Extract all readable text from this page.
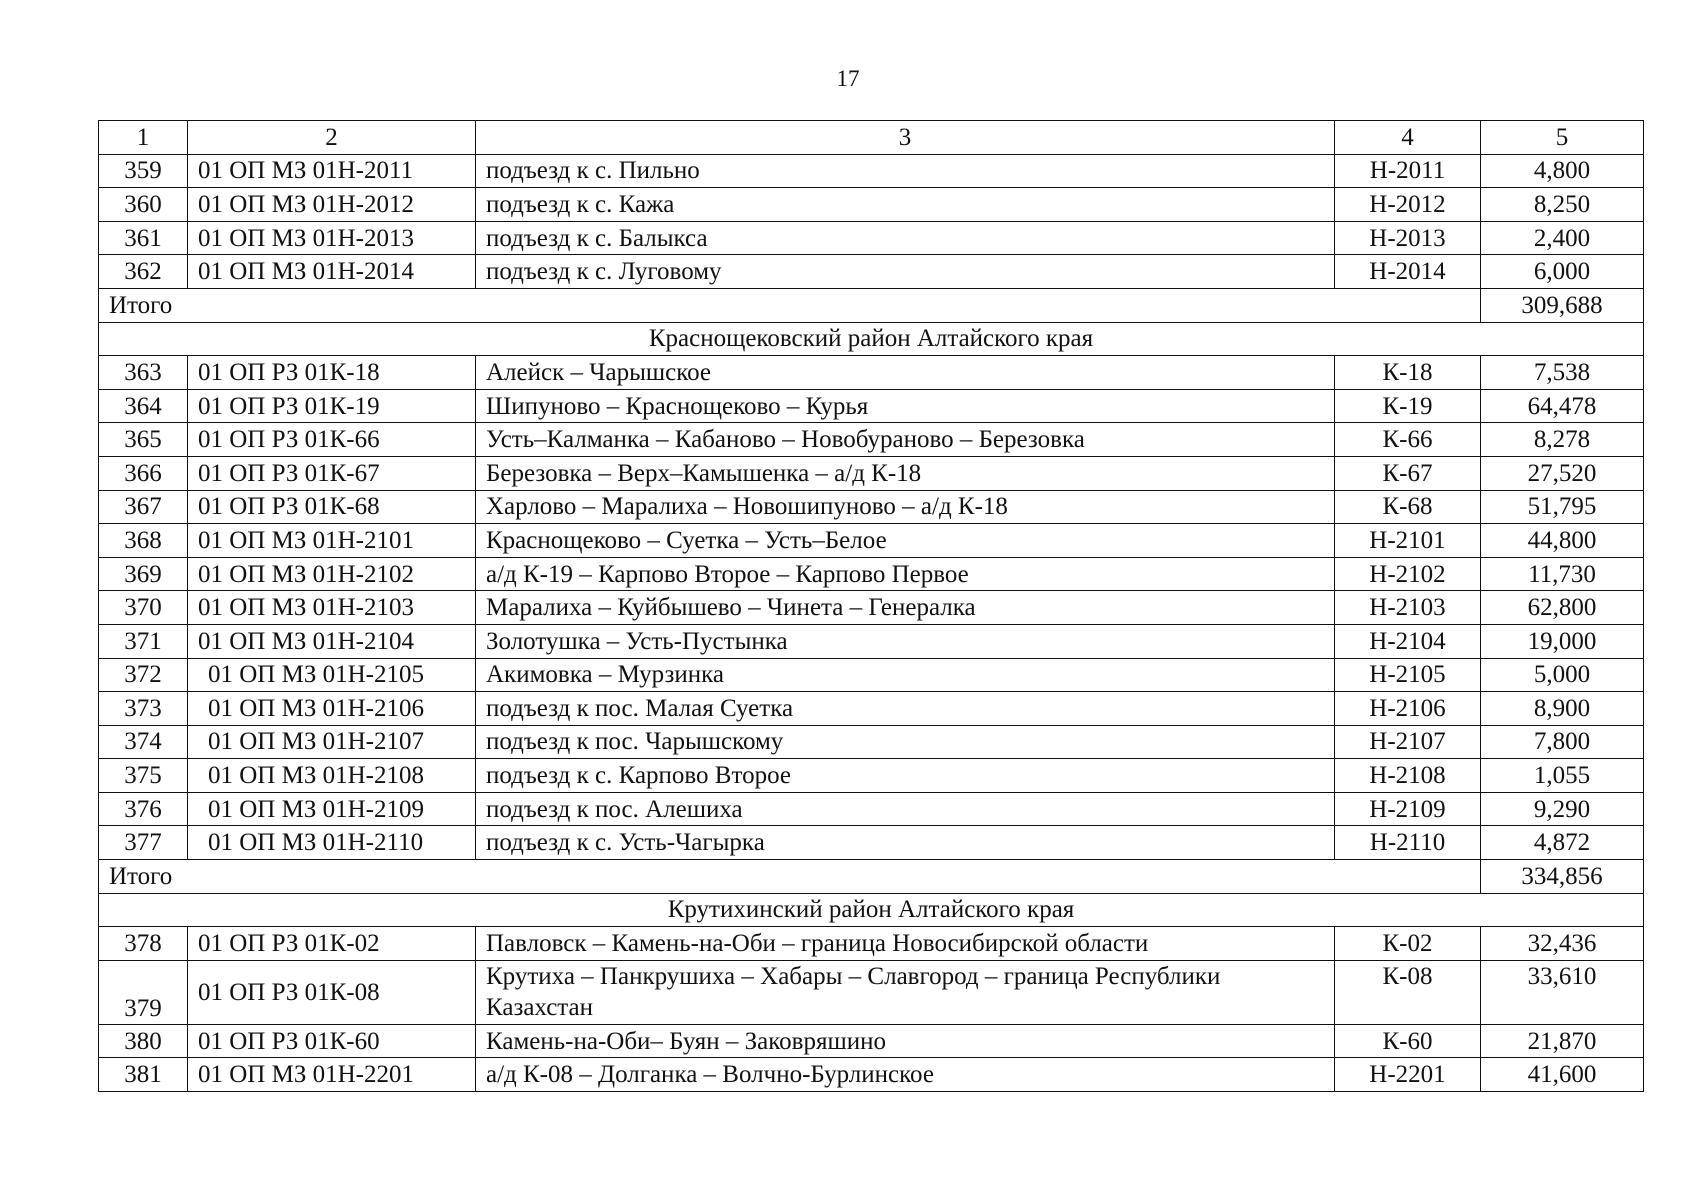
17
1	2	3	4	5
359	01 ОП МЗ 01Н-2011	подъезд к с. Пильно	Н-2011	4,800
360	01 ОП МЗ 01Н-2012	подъезд к с. Кажа	Н-2012	8,250
361	01 ОП МЗ 01Н-2013	подъезд к с. Балыкса	Н-2013	2,400
362	01 ОП МЗ 01Н-2014	подъезд к с. Луговому	Н-2014	6,000
Итого				309,688
Краснощековский район Алтайского края				
363	01 ОП РЗ 01К-18	Алейск – Чарышское	К-18	7,538
364	01 ОП РЗ 01К-19	Шипуново – Краснощеково – Курья	К-19	64,478
365	01 ОП РЗ 01К-66	Усть–Калманка – Кабаново – Новобураново – Березовка	К-66	8,278
366	01 ОП РЗ 01К-67	Березовка – Верх–Камышенка – а/д К-18	К-67	27,520
367	01 ОП РЗ 01К-68	Харлово – Маралиха – Новошипуново – а/д К-18	К-68	51,795
368	01 ОП МЗ 01Н-2101	Краснощеково – Суетка – Усть–Белое	Н-2101	44,800
369	01 ОП МЗ 01Н-2102	а/д К-19 – Карпово Второе – Карпово Первое	Н-2102	11,730
370	01 ОП МЗ 01Н-2103	Маралиха – Куйбышево – Чинета – Генералка	Н-2103	62,800
371	01 ОП МЗ 01Н-2104	Золотушка – Усть-Пустынка	Н-2104	19,000
372	01 ОП МЗ 01Н-2105	Акимовка – Мурзинка	Н-2105	5,000
373	01 ОП МЗ 01Н-2106	подъезд к пос. Малая Суетка	Н-2106	8,900
374	01 ОП МЗ 01Н-2107	подъезд к пос. Чарышскому	Н-2107	7,800
375	01 ОП МЗ 01Н-2108	подъезд к с. Карпово Второе	Н-2108	1,055
376	01 ОП МЗ 01Н-2109	подъезд к пос. Алешиха	Н-2109	9,290
377	01 ОП МЗ 01Н-2110	подъезд к с. Усть-Чагырка	Н-2110	4,872
Итого				334,856
Крутихинский район Алтайского края				
378	01 ОП РЗ 01К-02	Павловск – Камень-на-Оби – граница Новосибирской области	К-02	32,436
379	01 ОП РЗ 01К-08	Крутиха – Панкрушиха – Хабары – Славгород – граница Республики Казахстан	К-08	33,610
380	01 ОП РЗ 01К-60	Камень-на-Оби– Буян – Заковряшино	К-60	21,870
381	01 ОП МЗ 01Н-2201	а/д К-08 – Долганка – Волчно-Бурлинское	Н-2201	41,600
